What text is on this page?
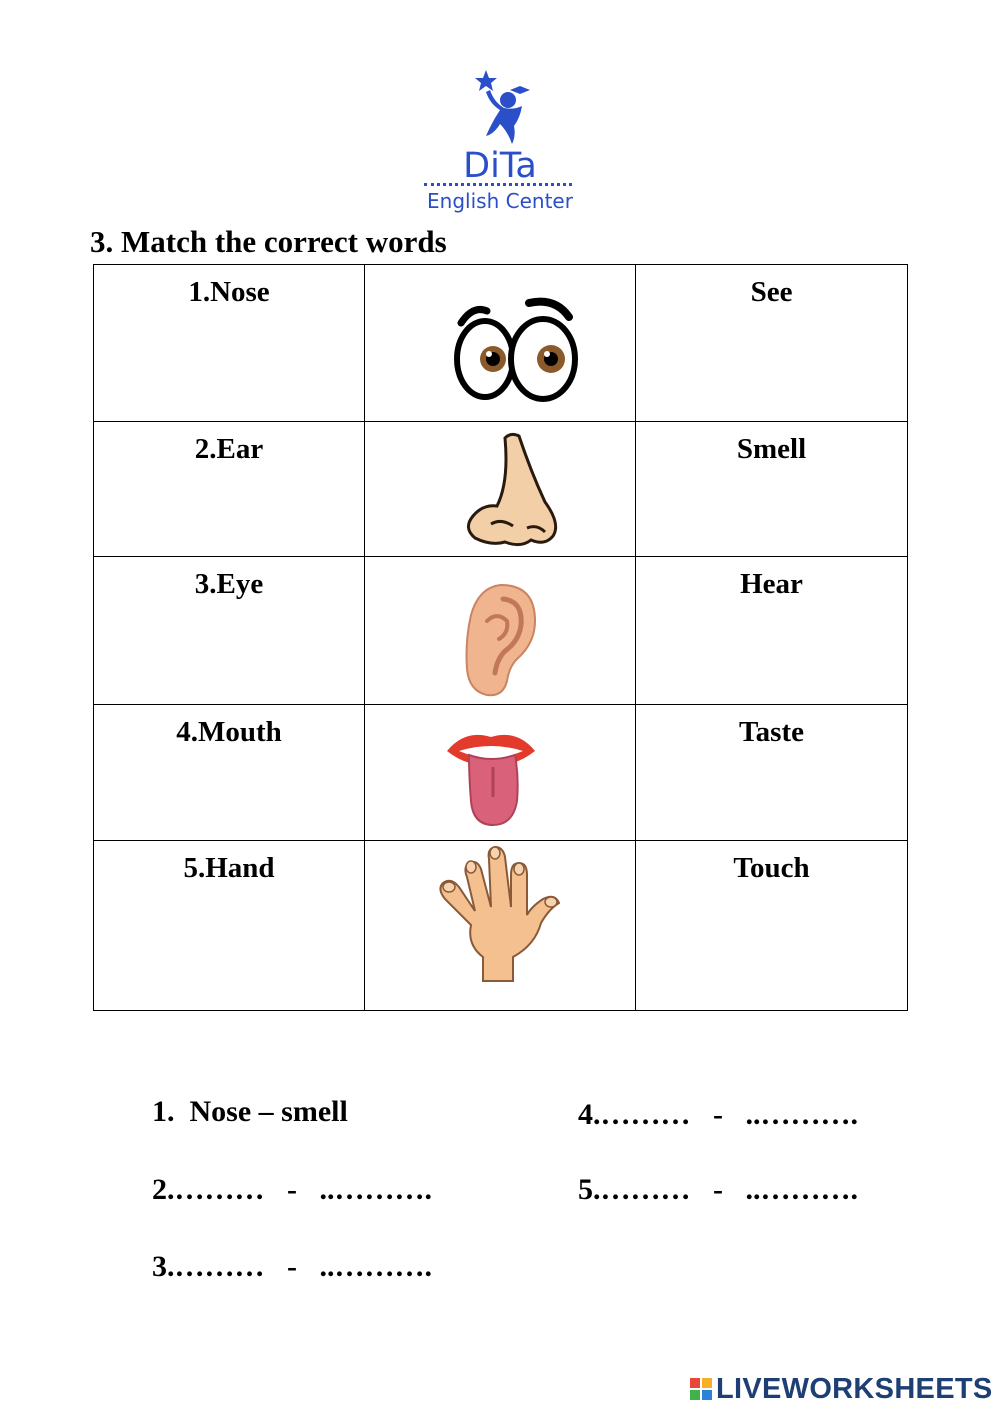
DiTa
English Center
3. Match the correct words
1.Nose		See

2.Ear		Smell

3.Eye		Hear

4.Mouth		Taste

5.Hand		Touch

1. Nose – smell

2.………   -   ..……….

3.………   -   ..……….

4.………   -   ..……….

5.………   -   ..……….

LIVEWORKSHEETS
